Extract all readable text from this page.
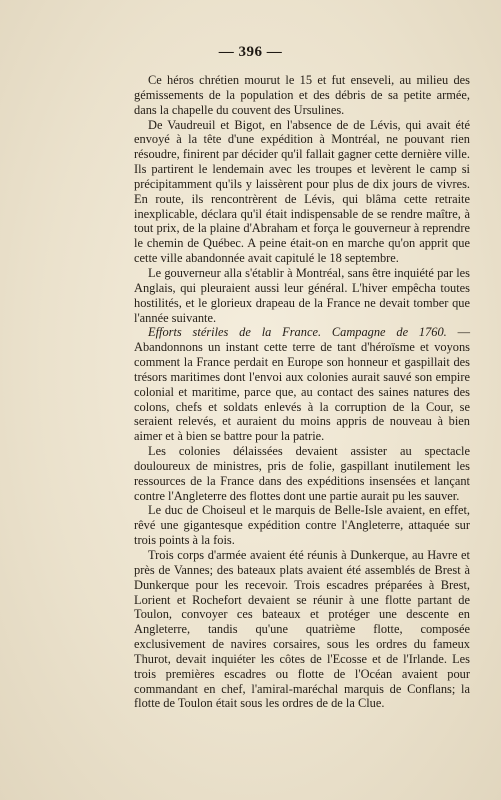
— 396 —

Ce héros chrétien mourut le 15 et fut enseveli, au milieu des gémissements de la population et des débris de sa petite armée, dans la chapelle du couvent des Ursulines.

De Vaudreuil et Bigot, en l'absence de de Lévis, qui avait été envoyé à la tête d'une expédition à Montréal, ne pouvant rien résoudre, finirent par décider qu'il fallait gagner cette dernière ville. Ils partirent le lendemain avec les troupes et levèrent le camp si précipitamment qu'ils y laissèrent pour plus de dix jours de vivres. En route, ils rencontrèrent de Lévis, qui blâma cette retraite inexplicable, déclara qu'il était indispensable de se rendre maître, à tout prix, de la plaine d'Abraham et força le gouverneur à reprendre le chemin de Québec. A peine était-on en marche qu'on apprit que cette ville abandonnée avait capitulé le 18 septembre.

Le gouverneur alla s'établir à Montréal, sans être inquiété par les Anglais, qui pleuraient aussi leur général. L'hiver empêcha toutes hostilités, et le glorieux drapeau de la France ne devait tomber que l'année suivante.

Efforts stériles de la France. Campagne de 1760. — Abandonnons un instant cette terre de tant d'héroïsme et voyons comment la France perdait en Europe son honneur et gaspillait des trésors maritimes dont l'envoi aux colonies aurait sauvé son empire colonial et maritime, parce que, au contact des saines natures des colons, chefs et soldats enlevés à la corruption de la Cour, se seraient relevés, et auraient du moins appris de nouveau à bien aimer et à bien se battre pour la patrie.

Les colonies délaissées devaient assister au spectacle douloureux de ministres, pris de folie, gaspillant inutilement les ressources de la France dans des expéditions insensées et lançant contre l'Angleterre des flottes dont une partie aurait pu les sauver.

Le duc de Choiseul et le marquis de Belle-Isle avaient, en effet, rêvé une gigantesque expédition contre l'Angleterre, attaquée sur trois points à la fois.

Trois corps d'armée avaient été réunis à Dunkerque, au Havre et près de Vannes; des bateaux plats avaient été assemblés de Brest à Dunkerque pour les recevoir. Trois escadres préparées à Brest, Lorient et Rochefort devaient se réunir à une flotte partant de Toulon, convoyer ces bateaux et protéger une descente en Angleterre, tandis qu'une quatrième flotte, composée exclusivement de navires corsaires, sous les ordres du fameux Thurot, devait inquiéter les côtes de l'Ecosse et de l'Irlande. Les trois premières escadres ou flotte de l'Océan avaient pour commandant en chef, l'amiral-maréchal marquis de Conflans; la flotte de Toulon était sous les ordres de de la Clue.
